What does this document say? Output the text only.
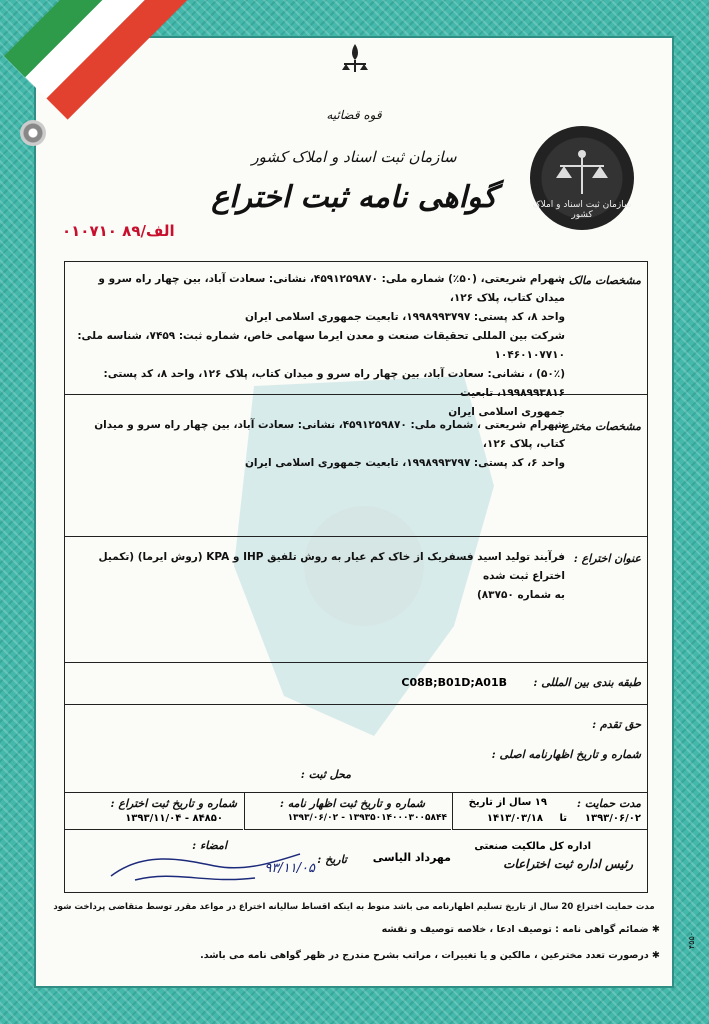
قوه قضائیه
سازمان ثبت اسناد و املاک کشور
گواهی نامه ثبت اختراع
الف/۸۹ ۰۱۰۷۱۰
سازمان ثبت اسناد و املاک کشور
مشخصات مالک :
شهرام شریعتی، (۵۰٪) شماره ملی: ۴۵۹۱۲۵۹۸۷۰، نشانی: سعادت آباد، بین چهار راه سرو و میدان کتاب، پلاک ۱۲۶،
واحد ۸، کد پستی: ۱۹۹۸۹۹۳۷۹۷، تابعیت جمهوری اسلامی ایران
شرکت بین المللی تحقیقات صنعت و معدن ایرما سهامی خاص، شماره ثبت: ۷۴۵۹، شناسه ملی: ۱۰۴۶۰۱۰۷۷۱۰
(۵۰٪) ، نشانی: سعادت آباد، بین چهار راه سرو و میدان کتاب، پلاک ۱۲۶، واحد ۸، کد پستی: ۱۹۹۸۹۹۳۸۱۶، تابعیت
جمهوری اسلامی ایران
مشخصات مخترع :
شهرام شریعتی ، شماره ملی: ۴۵۹۱۲۵۹۸۷۰، نشانی: سعادت آباد، بین چهار راه سرو و میدان کتاب، پلاک ۱۲۶،
واحد ۶، کد پستی: ۱۹۹۸۹۹۳۷۹۷، تابعیت جمهوری اسلامی ایران
عنوان اختراع :
فرآیند تولید اسید فسفریک از خاک کم عیار به روش تلفیق IHP و KPA (روش ایرما) (تکمیل اختراع ثبت شده
به شماره ۸۳۷۵۰)
طبقه بندی بین المللی :
C08B;B01D;A01B
حق تقدم :
شماره و تاریخ اظهارنامه اصلی :
محل ثبت :
مدت حمایت :
۱۹ سال از تاریخ
۱۳۹۳/۰۶/۰۲
تا
۱۴۱۳/۰۳/۱۸
شماره و تاریخ ثبت اظهار نامه :
۱۳۹۳۵۰۱۴۰۰۰۳۰۰۵۸۴۴ - ۱۳۹۳/۰۶/۰۲
شماره و تاریخ ثبت اختراع :
۸۴۸۵۰ - ۱۳۹۳/۱۱/۰۴
اداره کل مالکیت صنعتی
رئیس اداره ثبت اختراعات
مهرداد الیاسی
تاریخ :
امضاء :
۹۳/۱۱/۰۵
مدت حمایت اختراع 20 سال از تاریخ تسلیم اظهارنامه می باشد منوط به اینکه اقساط سالیانه اختراع در مواعد مقرر توسط متقاضی پرداخت شود
✱ ضمائم گواهی نامه : توصیف ادعا ، خلاصه توصیف و نقشه
✱ درصورت تعدد مخترعین ، مالکین و یا تغییرات ، مراتب بشرح مندرج در ظهر گواهی نامه می باشد.
۴۵۵۰
